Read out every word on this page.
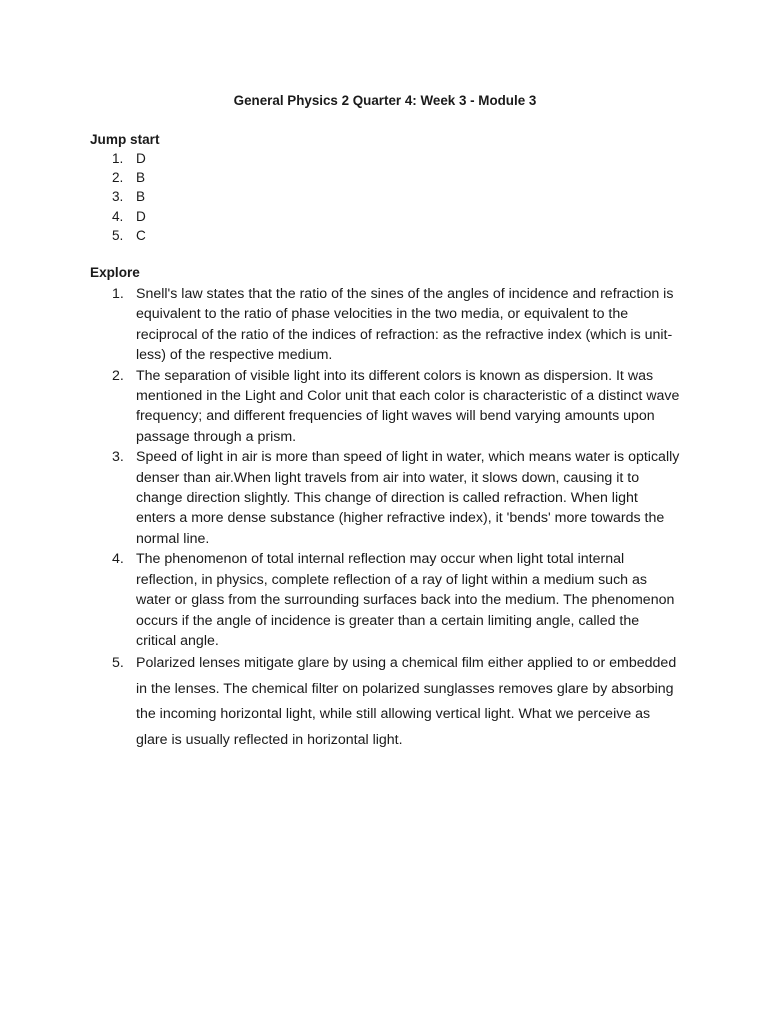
General Physics 2 Quarter 4: Week 3 - Module 3
Jump start
1. D
2. B
3. B
4. D
5. C
Explore
1. Snell's law states that the ratio of the sines of the angles of incidence and refraction is equivalent to the ratio of phase velocities in the two media, or equivalent to the reciprocal of the ratio of the indices of refraction: as the refractive index (which is unit-less) of the respective medium.
2. The separation of visible light into its different colors is known as dispersion. It was mentioned in the Light and Color unit that each color is characteristic of a distinct wave frequency; and different frequencies of light waves will bend varying amounts upon passage through a prism.
3. Speed of light in air is more than speed of light in water, which means water is optically denser than air.When light travels from air into water, it slows down, causing it to change direction slightly. This change of direction is called refraction. When light enters a more dense substance (higher refractive index), it 'bends' more towards the normal line.
4. The phenomenon of total internal reflection may occur when light total internal reflection, in physics, complete reflection of a ray of light within a medium such as water or glass from the surrounding surfaces back into the medium. The phenomenon occurs if the angle of incidence is greater than a certain limiting angle, called the critical angle.
5. Polarized lenses mitigate glare by using a chemical film either applied to or embedded in the lenses. The chemical filter on polarized sunglasses removes glare by absorbing the incoming horizontal light, while still allowing vertical light. What we perceive as glare is usually reflected in horizontal light.
